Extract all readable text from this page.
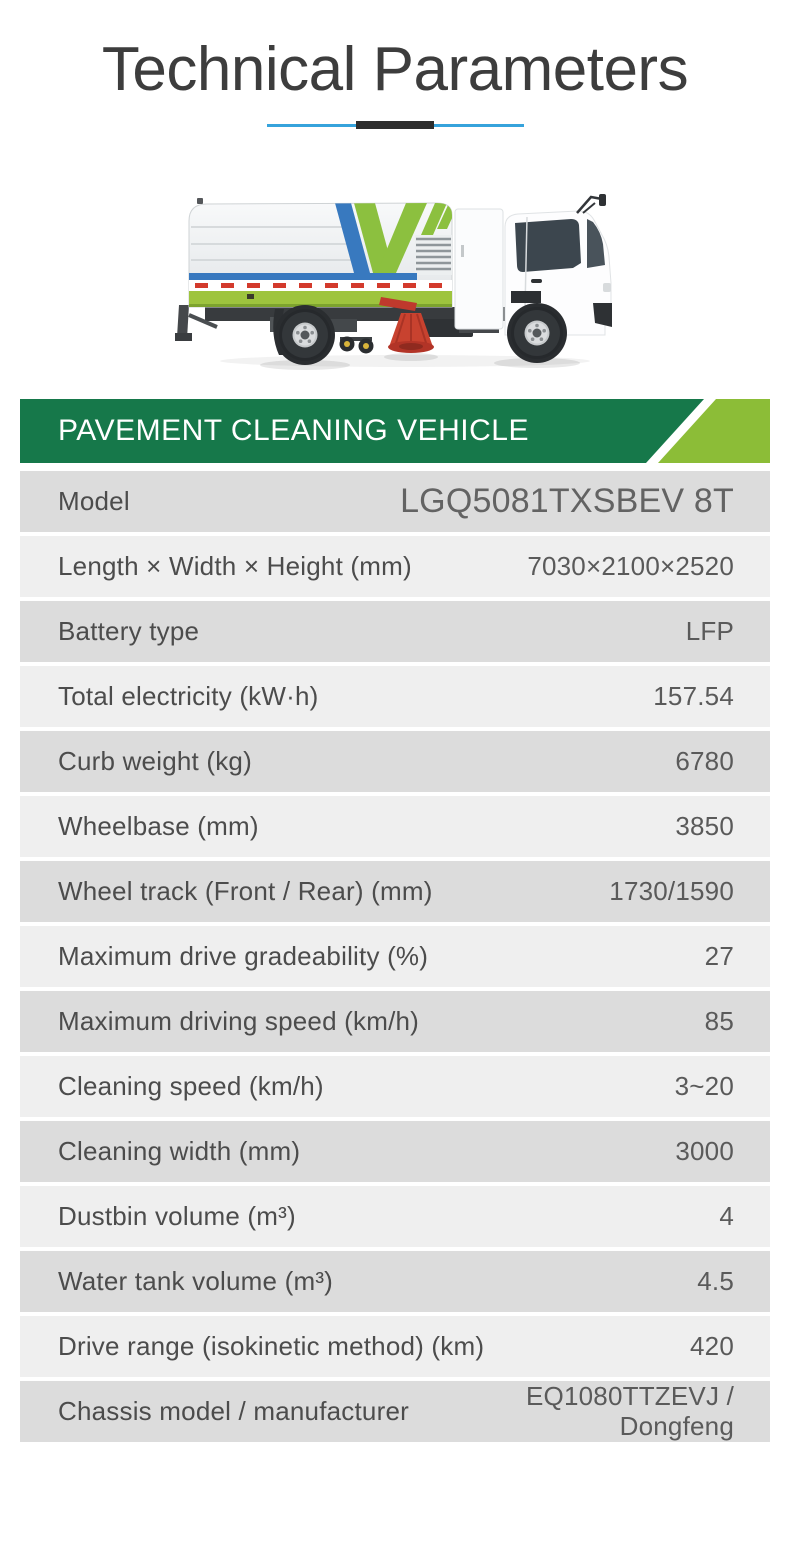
Technical Parameters
PAVEMENT CLEANING VEHICLE
Model	LGQ5081TXSBEV 8T
Length × Width × Height (mm)	7030×2100×2520
Battery type	LFP
Total electricity (kW·h)	157.54
Curb weight (kg)	6780
Wheelbase (mm)	3850
Wheel track (Front / Rear) (mm)	1730/1590
Maximum drive gradeability (%)	27
Maximum driving speed (km/h)	85
Cleaning speed (km/h)	3~20
Cleaning width (mm)	3000
Dustbin volume (m³)	4
Water tank volume (m³)	4.5
Drive range (isokinetic method) (km)	420
Chassis model / manufacturer	EQ1080TTZEVJ / Dongfeng
